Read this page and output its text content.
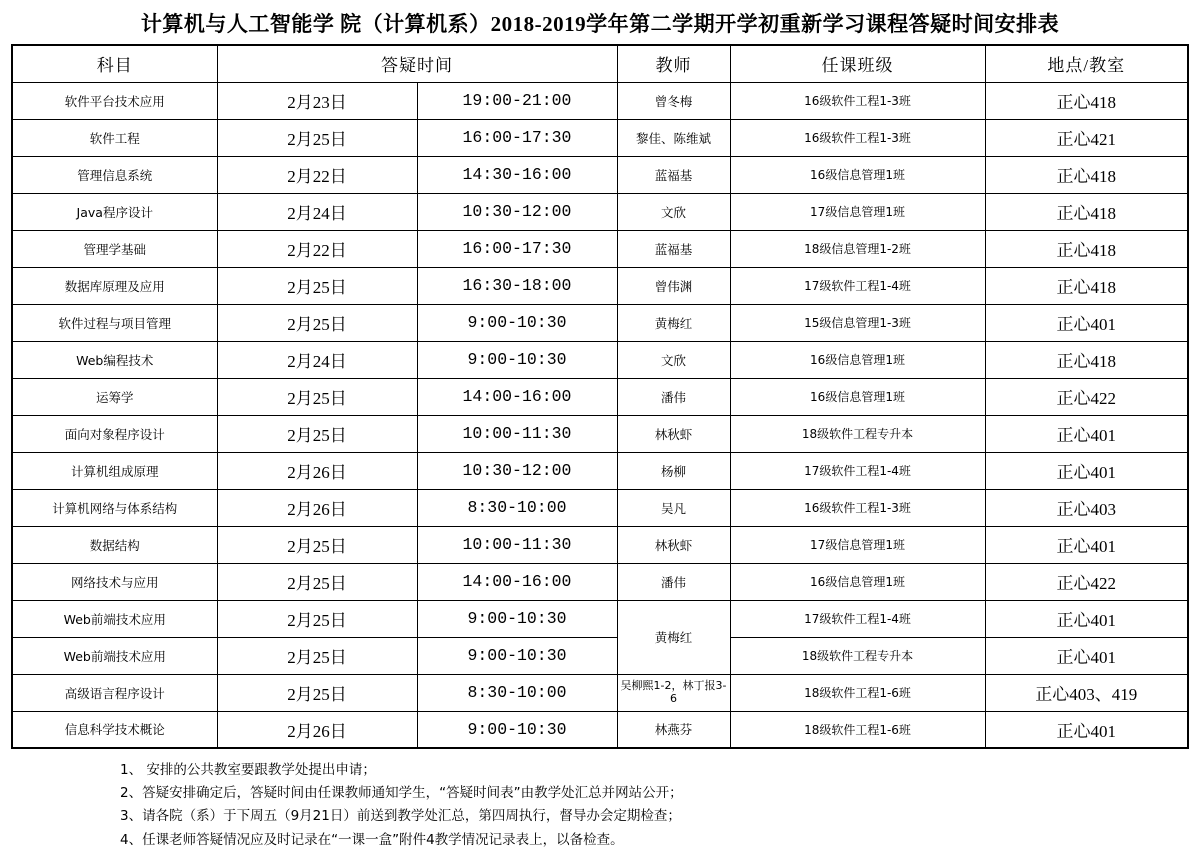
计算机与人工智能学 院（计算机系）2018-2019学年第二学期开学初重新学习课程答疑时间安排表
科目	答疑时间		教师	任课班级	地点/教室
软件平台技术应用	2月23日	19:00-21:00	曾冬梅	16级软件工程1-3班	正心418
软件工程	2月25日	16:00-17:30	黎佳、陈维斌	16级软件工程1-3班	正心421
管理信息系统	2月22日	14:30-16:00	蓝福基	16级信息管理1班	正心418
Java程序设计	2月24日	10:30-12:00	文欣	17级信息管理1班	正心418
管理学基础	2月22日	16:00-17:30	蓝福基	18级信息管理1-2班	正心418
数据库原理及应用	2月25日	16:30-18:00	曾伟渊	17级软件工程1-4班	正心418
软件过程与项目管理	2月25日	9:00-10:30	黄梅红	15级信息管理1-3班	正心401
Web编程技术	2月24日	9:00-10:30	文欣	16级信息管理1班	正心418
运筹学	2月25日	14:00-16:00	潘伟	16级信息管理1班	正心422
面向对象程序设计	2月25日	10:00-11:30	林秋虾	18级软件工程专升本	正心401
计算机组成原理	2月26日	10:30-12:00	杨柳	17级软件工程1-4班	正心401
计算机网络与体系结构	2月26日	8:30-10:00	吴凡	16级软件工程1-3班	正心403
数据结构	2月25日	10:00-11:30	林秋虾	17级信息管理1班	正心401
网络技术与应用	2月25日	14:00-16:00	潘伟	16级信息管理1班	正心422
Web前端技术应用	2月25日	9:00-10:30	黄梅红	17级软件工程1-4班	正心401
Web前端技术应用	2月25日	9:00-10:30		18级软件工程专升本	正心401
高级语言程序设计	2月25日	8:30-10:00	吴柳熙1-2，林丁报3-6	18级软件工程1-6班	正心403、419
信息科学技术概论	2月26日	9:00-10:30	林燕芬	18级软件工程1-6班	正心401
1、 安排的公共教室要跟教学处提出申请；
2、答疑安排确定后，答疑时间由任课教师通知学生，“答疑时间表”由教学处汇总并网站公开；
3、请各院（系）于下周五（9月21日）前送到教学处汇总，第四周执行，督导办会定期检查；
4、任课老师答疑情况应及时记录在“一课一盒”附件4教学情况记录表上，以备检查。
